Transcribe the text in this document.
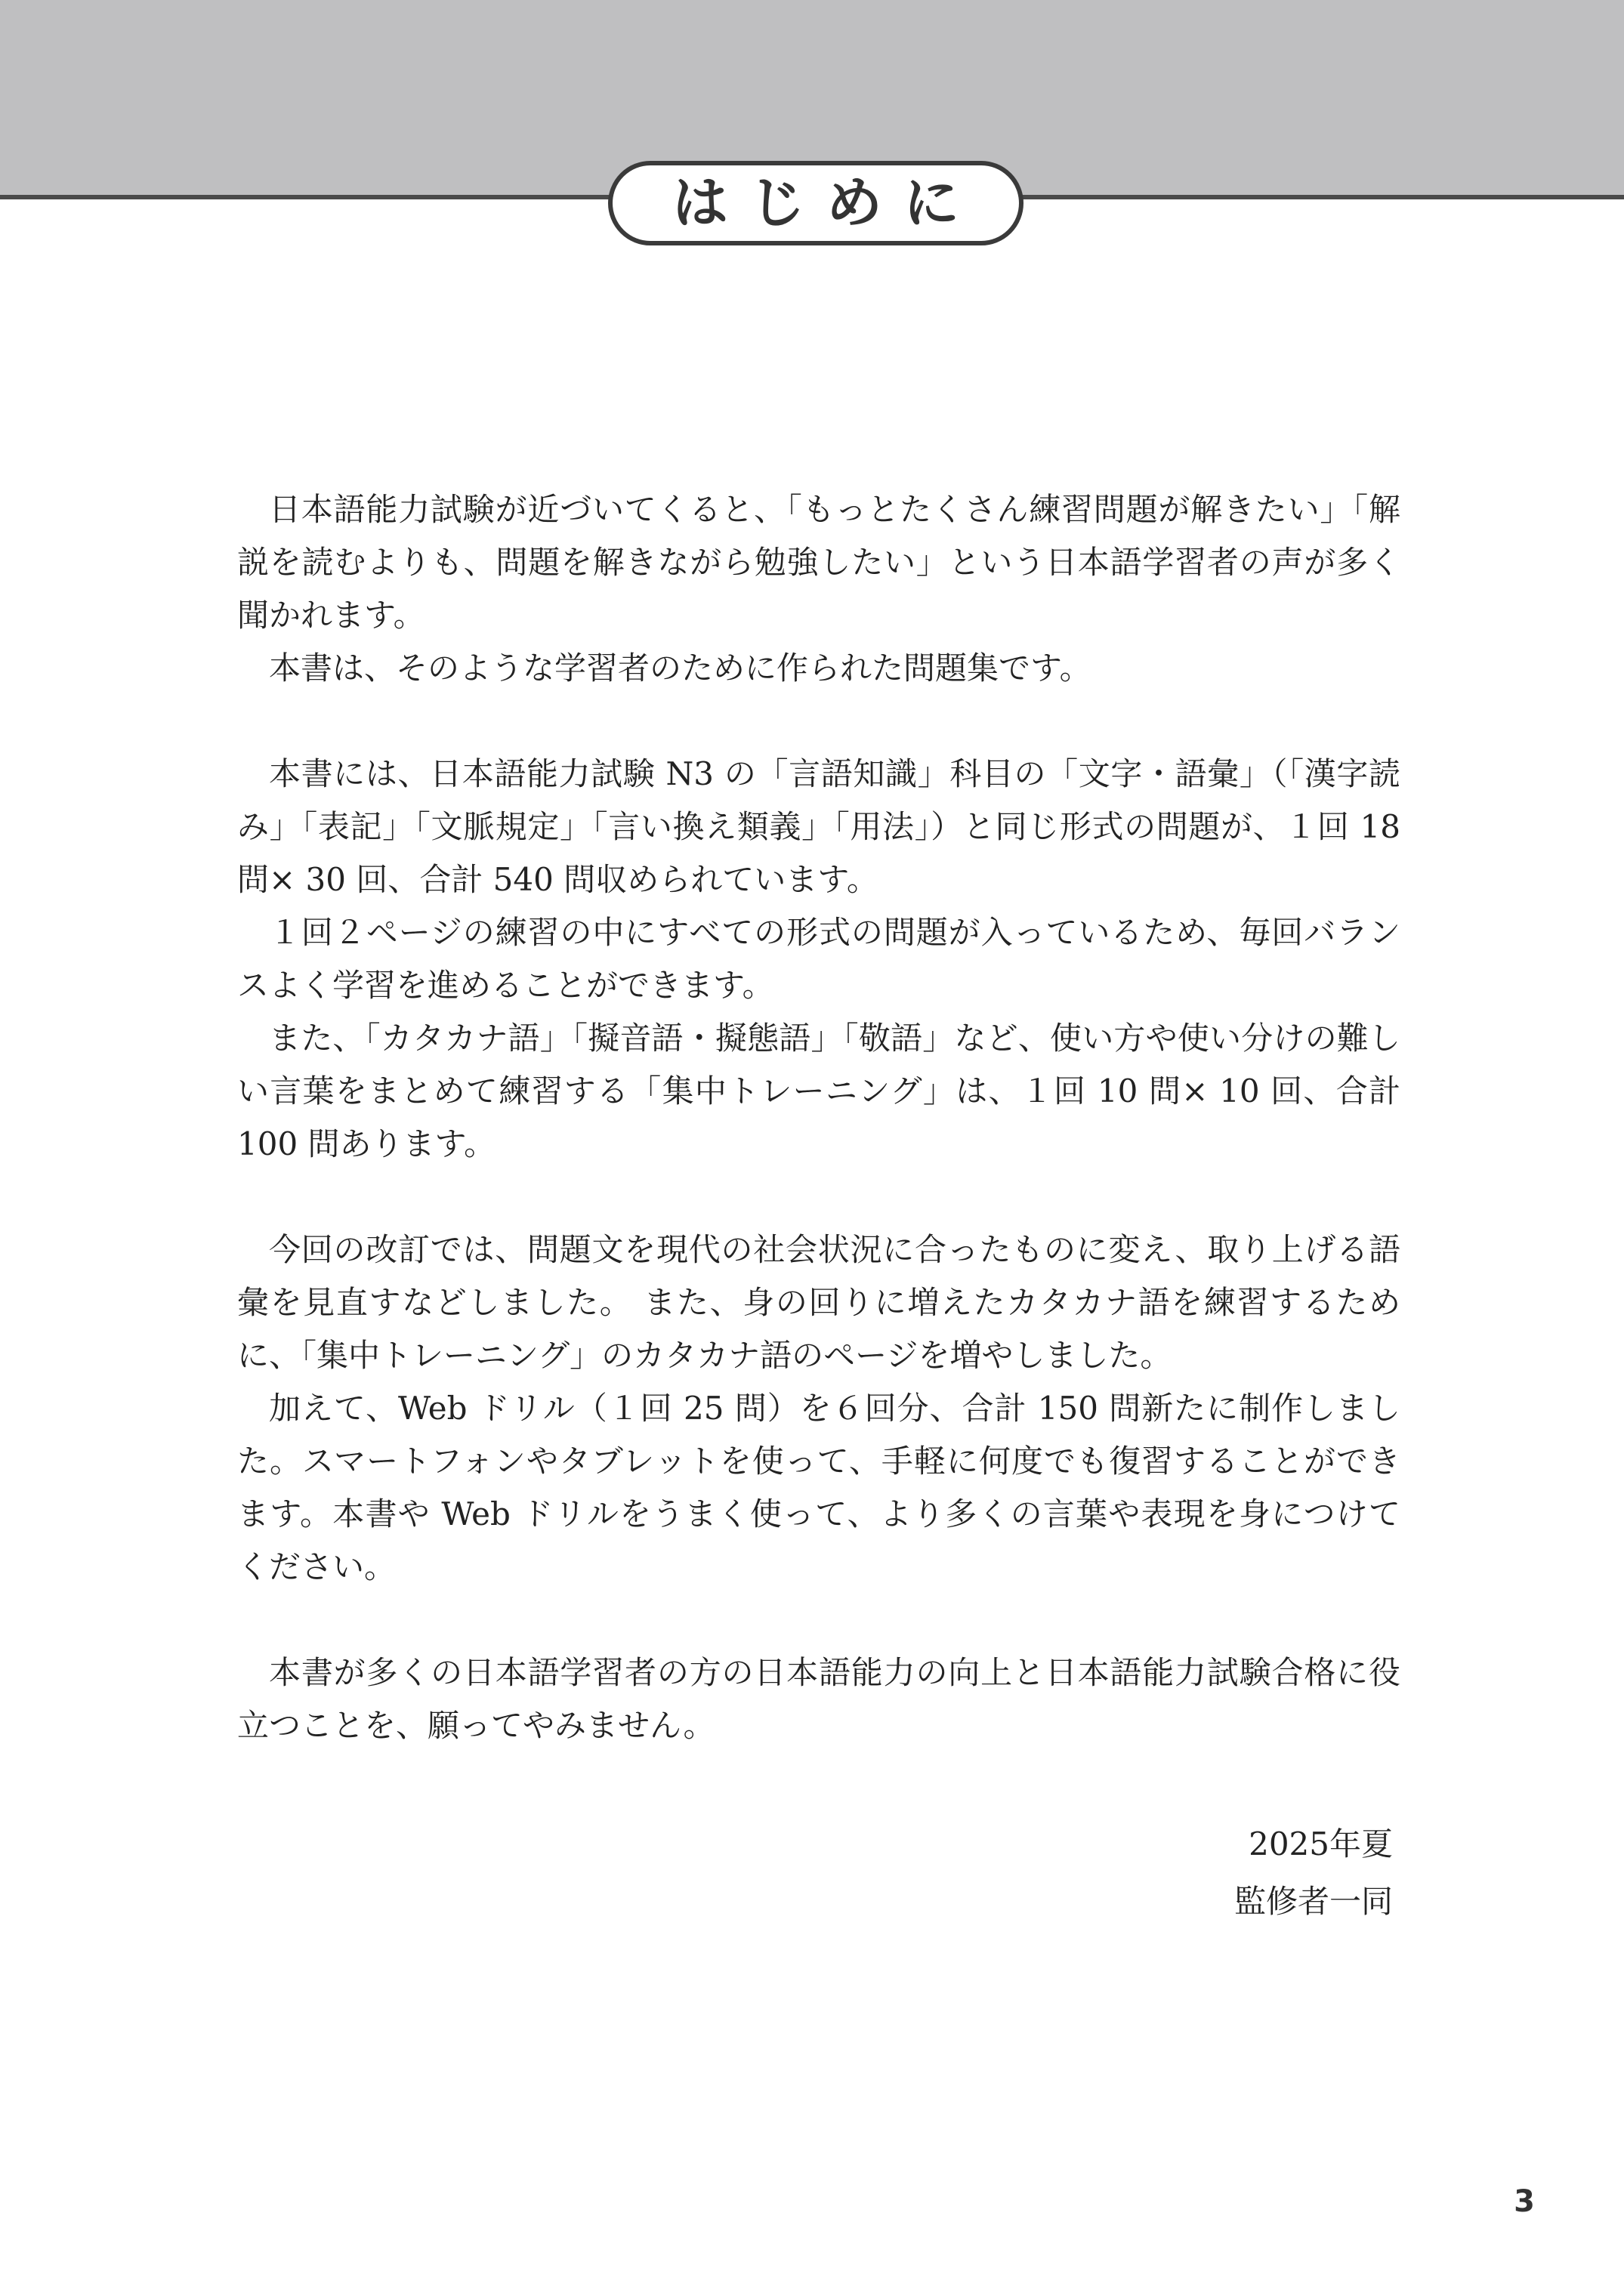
はじめに

日本語能力試験が近づいてくると、「もっとたくさん練習問題が解きたい」「解説を読むよりも、問題を解きながら勉強したい」という日本語学習者の声が多く聞かれます。

本書は、そのような学習者のために作られた問題集です。

本書には、日本語能力試験 N3 の「言語知識」科目の「文字・語彙」（「漢字読み」「表記」「文脈規定」「言い換え類義」「用法」）と同じ形式の問題が、１回 18 問× 30 回、合計 540 問収められています。

１回２ページの練習の中にすべての形式の問題が入っているため、毎回バランスよく学習を進めることができます。

また、「カタカナ語」「擬音語・擬態語」「敬語」など、使い方や使い分けの難しい言葉をまとめて練習する「集中トレーニング」は、１回 10 問× 10 回、合計 100 問あります。

今回の改訂では、問題文を現代の社会状況に合ったものに変え、取り上げる語彙を見直すなどしました。 また、身の回りに増えたカタカナ語を練習するために、「集中トレーニング」のカタカナ語のページを増やしました。

加えて、Web ドリル（１回 25 問）を６回分、合計 150 問新たに制作しました。スマートフォンやタブレットを使って、手軽に何度でも復習することができます。本書や Web ドリルをうまく使って、より多くの言葉や表現を身につけてください。

本書が多くの日本語学習者の方の日本語能力の向上と日本語能力試験合格に役立つことを、願ってやみません。

2025年夏
監修者一同
3
